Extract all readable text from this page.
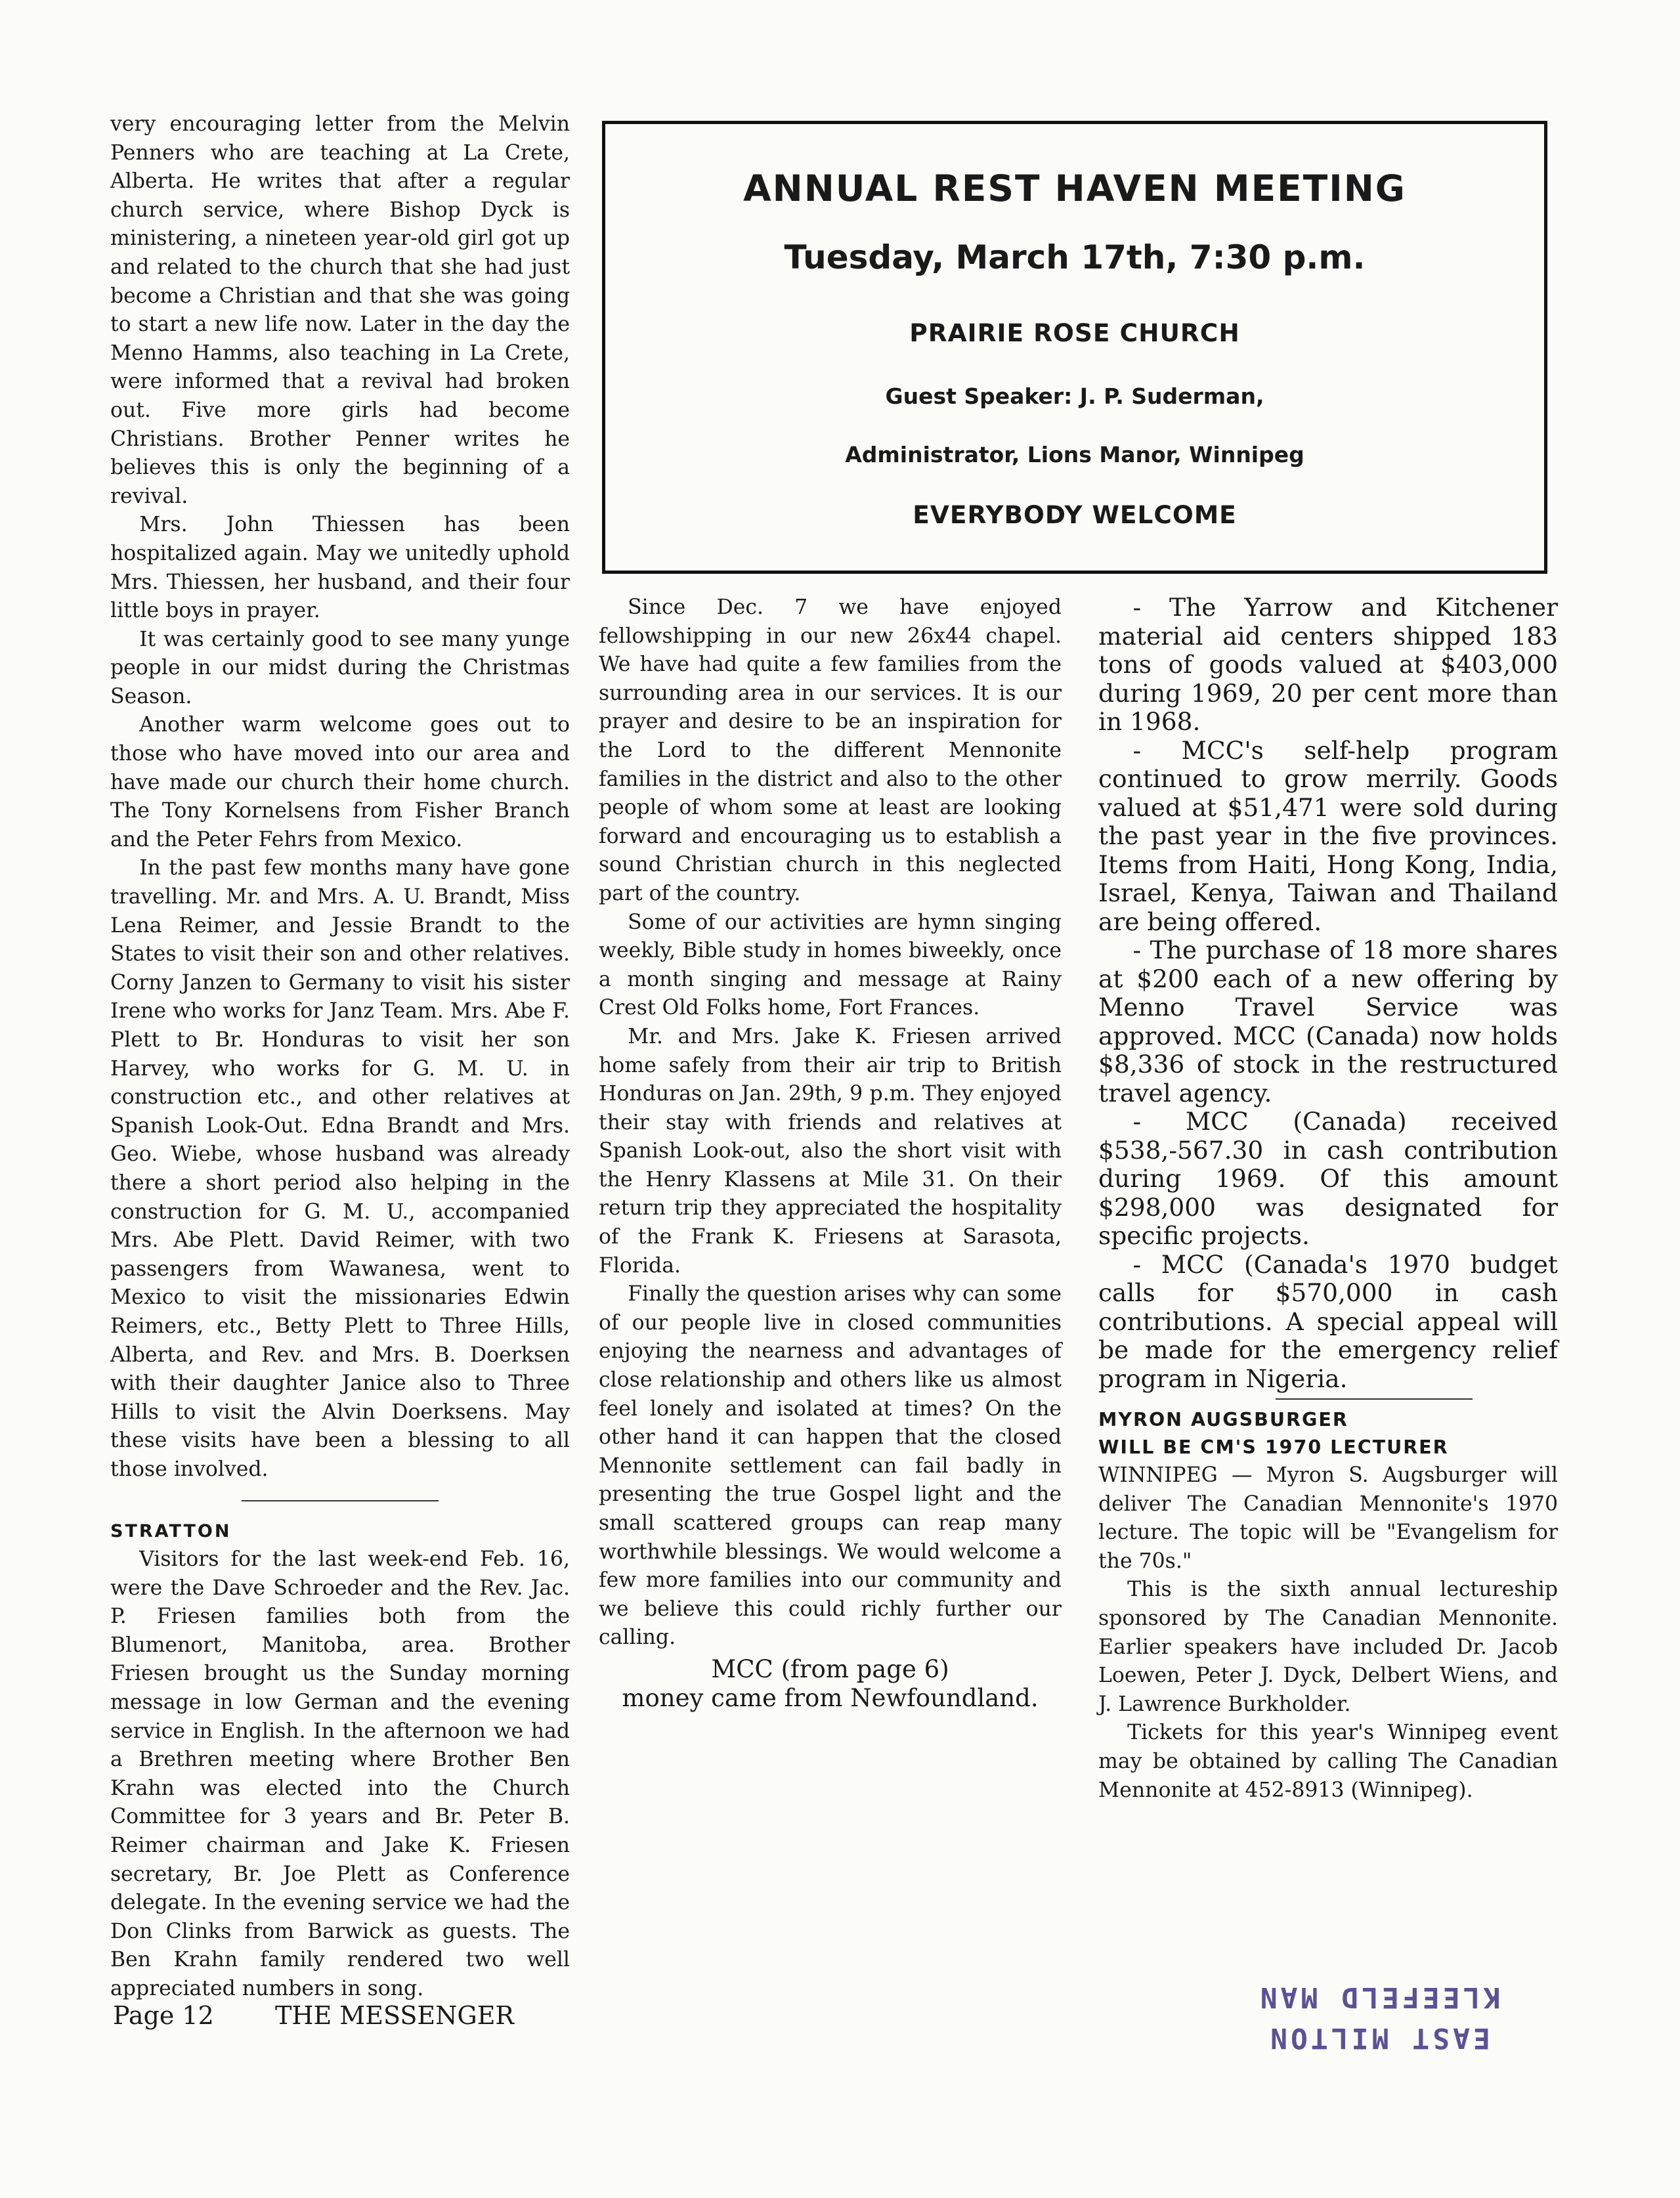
very encouraging letter from the Melvin Penners who are teaching at La Crete, Alberta. He writes that after a regular church service, where Bishop Dyck is ministering, a nineteen year-old girl got up and related to the church that she had just become a Christian and that she was going to start a new life now. Later in the day the Menno Hamms, also teaching in La Crete, were informed that a revival had broken out. Five more girls had become Christians. Brother Penner writes he believes this is only the beginning of a revival.

Mrs. John Thiessen has been hospitalized again. May we unitedly uphold Mrs. Thiessen, her husband, and their four little boys in prayer.

It was certainly good to see many yunge people in our midst during the Christmas Season.

Another warm welcome goes out to those who have moved into our area and have made our church their home church. The Tony Kornelsens from Fisher Branch and the Peter Fehrs from Mexico.

In the past few months many have gone travelling. Mr. and Mrs. A. U. Brandt, Miss Lena Reimer, and Jessie Brandt to the States to visit their son and other relatives. Corny Janzen to Germany to visit his sister Irene who works for Janz Team. Mrs. Abe F. Plett to Br. Honduras to visit her son Harvey, who works for G. M. U. in construction etc., and other relatives at Spanish Look-Out. Edna Brandt and Mrs. Geo. Wiebe, whose husband was already there a short period also helping in the construction for G. M. U., accompanied Mrs. Abe Plett. David Reimer, with two passengers from Wawanesa, went to Mexico to visit the missionaries Edwin Reimers, etc., Betty Plett to Three Hills, Alberta, and Rev. and Mrs. B. Doerksen with their daughter Janice also to Three Hills to visit the Alvin Doerksens. May these visits have been a blessing to all those involved.

STRATTON

Visitors for the last week-end Feb. 16, were the Dave Schroeder and the Rev. Jac. P. Friesen families both from the Blumenort, Manitoba, area. Brother Friesen brought us the Sunday morning message in low German and the evening service in English. In the afternoon we had a Brethren meeting where Brother Ben Krahn was elected into the Church Committee for 3 years and Br. Peter B. Reimer chairman and Jake K. Friesen secretary, Br. Joe Plett as Conference delegate. In the evening service we had the Don Clinks from Barwick as guests. The Ben Krahn family rendered two well appreciated numbers in song.

ANNUAL REST HAVEN MEETING
Tuesday, March 17th, 7:30 p.m.
PRAIRIE ROSE CHURCH
Guest Speaker: J. P. Suderman,
Administrator, Lions Manor, Winnipeg
EVERYBODY WELCOME

Since Dec. 7 we have enjoyed fellowshipping in our new 26x44 chapel. We have had quite a few families from the surrounding area in our services. It is our prayer and desire to be an inspiration for the Lord to the different Mennonite families in the district and also to the other people of whom some at least are looking forward and encouraging us to establish a sound Christian church in this neglected part of the country.

Some of our activities are hymn singing weekly, Bible study in homes biweekly, once a month singing and message at Rainy Crest Old Folks home, Fort Frances.

Mr. and Mrs. Jake K. Friesen arrived home safely from their air trip to British Honduras on Jan. 29th, 9 p.m. They enjoyed their stay with friends and relatives at Spanish Look-out, also the short visit with the Henry Klassens at Mile 31. On their return trip they appreciated the hospitality of the Frank K. Friesens at Sarasota, Florida.

Finally the question arises why can some of our people live in closed communities enjoying the nearness and advantages of close relationship and others like us almost feel lonely and isolated at times? On the other hand it can happen that the closed Mennonite settlement can fail badly in presenting the true Gospel light and the small scattered groups can reap many worthwhile blessings. We would welcome a few more families into our community and we believe this could richly further our calling.

MCC (from page 6)
money came from Newfoundland.

- The Yarrow and Kitchener material aid centers shipped 183 tons of goods valued at $403,000 during 1969, 20 per cent more than in 1968.

- MCC's self-help program continued to grow merrily. Goods valued at $51,471 were sold during the past year in the five provinces. Items from Haiti, Hong Kong, India, Israel, Kenya, Taiwan and Thailand are being offered.

- The purchase of 18 more shares at $200 each of a new offering by Menno Travel Service was approved. MCC (Canada) now holds $8,336 of stock in the restructured travel agency.

- MCC (Canada) received $538,-567.30 in cash contribution during 1969. Of this amount $298,000 was designated for specific projects.

- MCC (Canada's 1970 budget calls for $570,000 in cash contributions. A special appeal will be made for the emergency relief program in Nigeria.

MYRON AUGSBURGER

WILL BE CM'S 1970 LECTURER

WINNIPEG — Myron S. Augsburger will deliver The Canadian Mennonite's 1970 lecture. The topic will be "Evangelism for the 70s."

This is the sixth annual lectureship sponsored by The Canadian Mennonite. Earlier speakers have included Dr. Jacob Loewen, Peter J. Dyck, Delbert Wiens, and J. Lawrence Burkholder.

Tickets for this year's Winnipeg event may be obtained by calling The Canadian Mennonite at 452-8913 (Winnipeg).

Page 12 THE MESSENGER
EAST MILTON
KLEEFELD MAN
